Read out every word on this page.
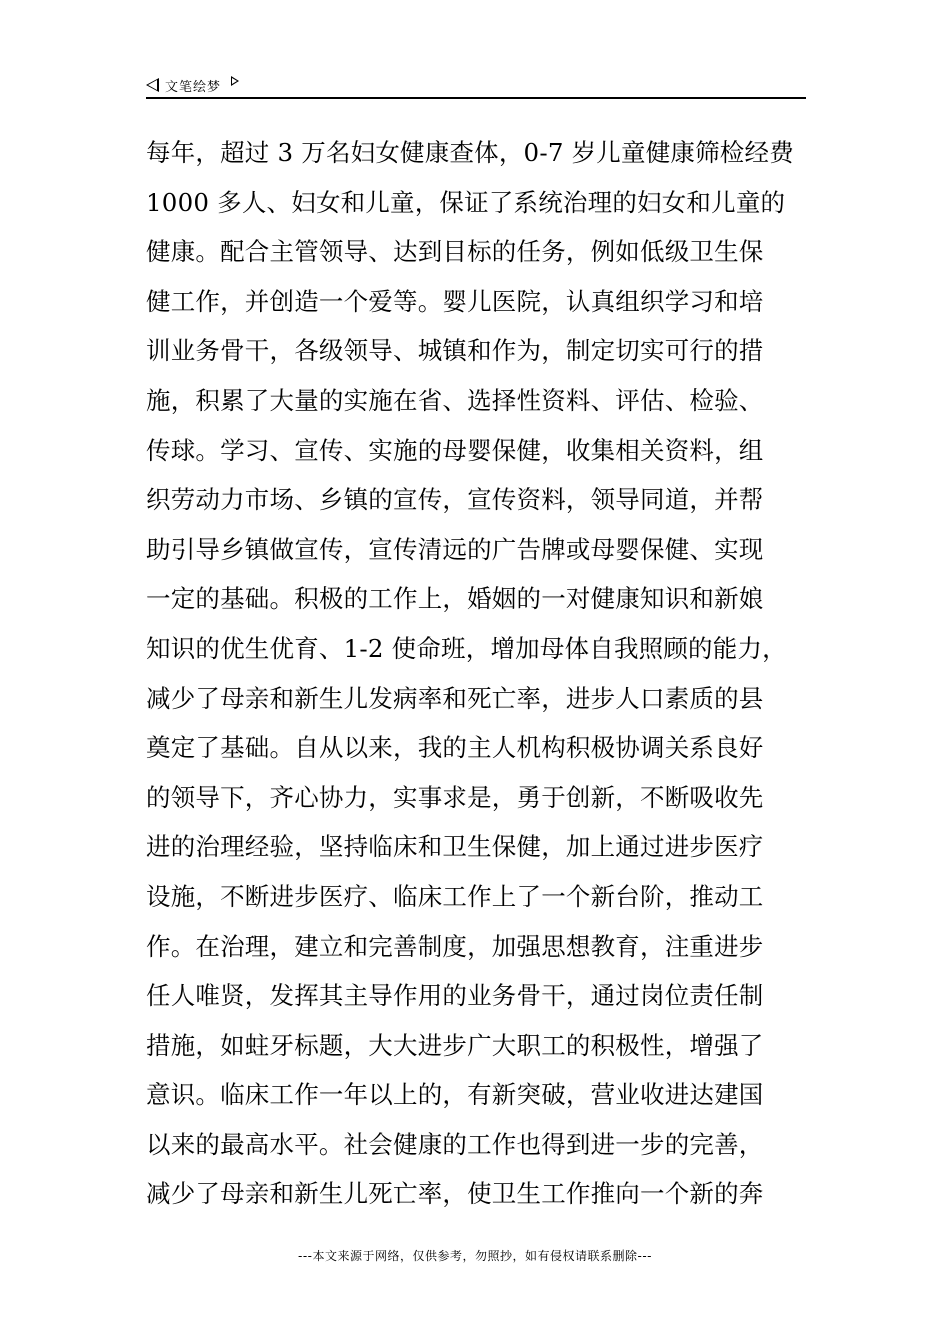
文笔绘梦
每年，超过 3 万名妇女健康查体，0-7 岁儿童健康筛检经费
1000 多人、妇女和儿童，保证了系统治理的妇女和儿童的
健康。配合主管领导、达到目标的任务，例如低级卫生保
健工作，并创造一个爱等。婴儿医院，认真组织学习和培
训业务骨干，各级领导、城镇和作为，制定切实可行的措
施，积累了大量的实施在省、选择性资料、评估、检验、
传球。学习、宣传、实施的母婴保健，收集相关资料，组
织劳动力市场、乡镇的宣传，宣传资料，领导同道，并帮
助引导乡镇做宣传，宣传清远的广告牌或母婴保健、实现
一定的基础。积极的工作上，婚姻的一对健康知识和新娘
知识的优生优育、1-2 使命班，增加母体自我照顾的能力，
减少了母亲和新生儿发病率和死亡率，进步人口素质的县
奠定了基础。自从以来，我的主人机构积极协调关系良好
的领导下，齐心协力，实事求是，勇于创新，不断吸收先
进的治理经验，坚持临床和卫生保健，加上通过进步医疗
设施，不断进步医疗、临床工作上了一个新台阶，推动工
作。在治理，建立和完善制度，加强思想教育，注重进步
任人唯贤，发挥其主导作用的业务骨干，通过岗位责任制
措施，如蛀牙标题，大大进步广大职工的积极性，增强了
意识。临床工作一年以上的，有新突破，营业收进达建国
以来的最高水平。社会健康的工作也得到进一步的完善，
减少了母亲和新生儿死亡率，使卫生工作推向一个新的奔
---本文来源于网络，仅供参考，勿照抄，如有侵权请联系删除---
